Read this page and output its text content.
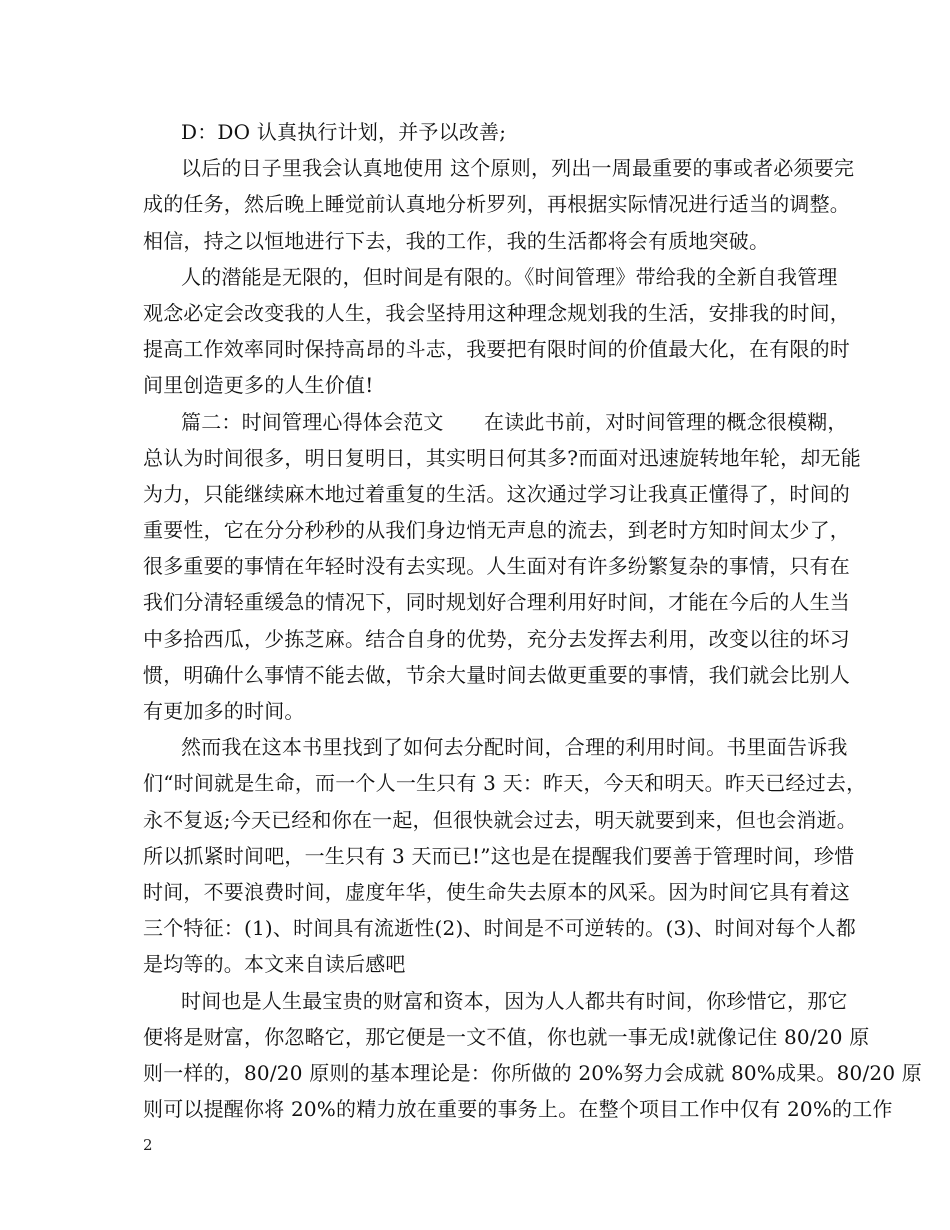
D：DO 认真执行计划，并予以改善;
以后的日子里我会认真地使用 这个原则，列出一周最重要的事或者必须要完
成的任务，然后晚上睡觉前认真地分析罗列，再根据实际情况进行适当的调整。
相信，持之以恒地进行下去，我的工作，我的生活都将会有质地突破。
人的潜能是无限的，但时间是有限的。《时间管理》带给我的全新自我管理
观念必定会改变我的人生，我会坚持用这种理念规划我的生活，安排我的时间，
提高工作效率同时保持高昂的斗志，我要把有限时间的价值最大化，在有限的时
间里创造更多的人生价值!
篇二：时间管理心得体会范文　　在读此书前，对时间管理的概念很模糊，
总认为时间很多，明日复明日，其实明日何其多?而面对迅速旋转地年轮，却无能
为力，只能继续麻木地过着重复的生活。这次通过学习让我真正懂得了，时间的
重要性，它在分分秒秒的从我们身边悄无声息的流去，到老时方知时间太少了，
很多重要的事情在年轻时没有去实现。人生面对有许多纷繁复杂的事情，只有在
我们分清轻重缓急的情况下，同时规划好合理利用好时间，才能在今后的人生当
中多拾西瓜，少拣芝麻。结合自身的优势，充分去发挥去利用，改变以往的坏习
惯，明确什么事情不能去做，节余大量时间去做更重要的事情，我们就会比别人
有更加多的时间。
然而我在这本书里找到了如何去分配时间，合理的利用时间。书里面告诉我
们“时间就是生命，而一个人一生只有 3 天：昨天，今天和明天。昨天已经过去，
永不复返;今天已经和你在一起，但很快就会过去，明天就要到来，但也会消逝。
所以抓紧时间吧，一生只有 3 天而已!”这也是在提醒我们要善于管理时间，珍惜
时间，不要浪费时间，虚度年华，使生命失去原本的风采。因为时间它具有着这
三个特征：(1)、时间具有流逝性(2)、时间是不可逆转的。(3)、时间对每个人都
是均等的。本文来自读后感吧
时间也是人生最宝贵的财富和资本，因为人人都共有时间，你珍惜它，那它
便将是财富，你忽略它，那它便是一文不值，你也就一事无成!就像记住 80/20 原
则一样的，80/20 原则的基本理论是：你所做的 20%努力会成就 80%成果。80/20 原
则可以提醒你将 20%的精力放在重要的事务上。在整个项目工作中仅有 20%的工作
2
